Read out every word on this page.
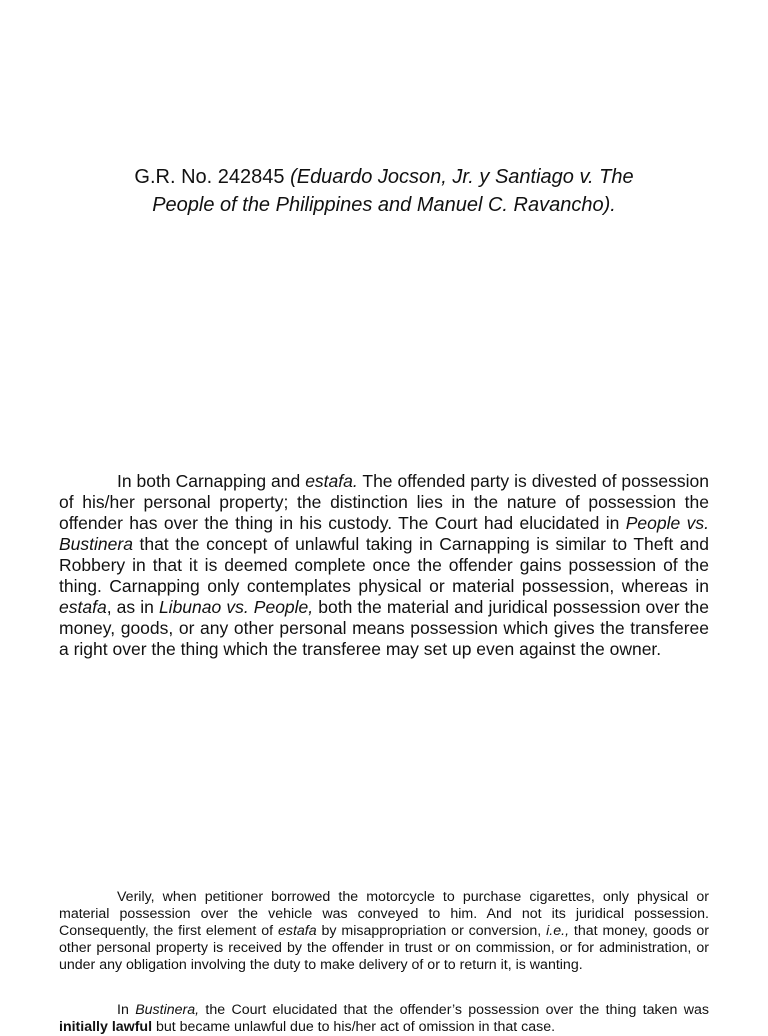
G.R. No. 242845 (Eduardo Jocson, Jr. y Santiago v. The
People of the Philippines and Manuel C. Ravancho).

In both Carnapping and estafa. The offended party is divested of possession of his/her personal property; the distinction lies in the nature of possession the offender has over the thing in his custody. The Court had elucidated in People vs. Bustinera that the concept of unlawful taking in Carnapping is similar to Theft and Robbery in that it is deemed complete once the offender gains possession of the thing. Carnapping only contemplates physical or material possession, whereas in estafa, as in Libunao vs. People, both the material and juridical possession over the money, goods, or any other personal means possession which gives the transferee a right over the thing which the transferee may set up even against the owner.

Verily, when petitioner borrowed the motorcycle to purchase cigarettes, only physical or material possession over the vehicle was conveyed to him. And not its juridical possession. Consequently, the first element of estafa by misappropriation or conversion, i.e., that money, goods or other personal property is received by the offender in trust or on commission, or for administration, or under any obligation involving the duty to make delivery of or to return it, is wanting.

In Bustinera, the Court elucidated that the offender’s possession over the thing taken was initially lawful but became unlawful due to his/her act of omission in that case.
